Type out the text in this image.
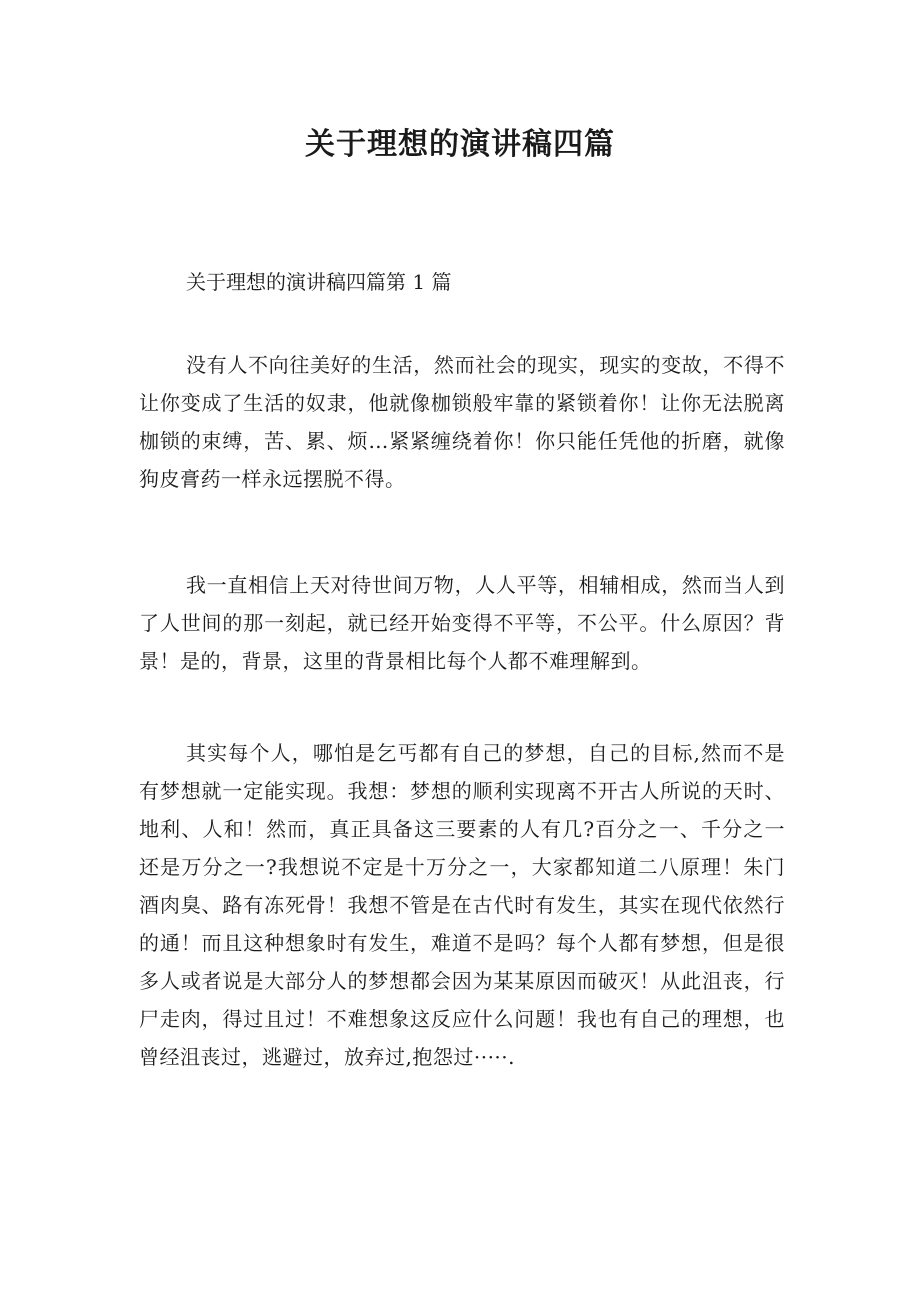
关于理想的演讲稿四篇

关于理想的演讲稿四篇第 1 篇

没有人不向往美好的生活，然而社会的现实，现实的变故，不得不让你变成了生活的奴隶，他就像枷锁般牢靠的紧锁着你！让你无法脱离枷锁的束缚，苦、累、烦…紧紧缠绕着你！你只能任凭他的折磨，就像狗皮膏药一样永远摆脱不得。

我一直相信上天对待世间万物，人人平等，相辅相成，然而当人到了人世间的那一刻起，就已经开始变得不平等，不公平。什么原因？背景！是的，背景，这里的背景相比每个人都不难理解到。

其实每个人，哪怕是乞丐都有自己的梦想，自己的目标,然而不是有梦想就一定能实现。我想：梦想的顺利实现离不开古人所说的天时、地利、人和！然而，真正具备这三要素的人有几?百分之一、千分之一还是万分之一?我想说不定是十万分之一，大家都知道二八原理！朱门酒肉臭、路有冻死骨！我想不管是在古代时有发生，其实在现代依然行的通！而且这种想象时有发生，难道不是吗？每个人都有梦想，但是很多人或者说是大部分人的梦想都会因为某某原因而破灭！从此沮丧，行尸走肉，得过且过！不难想象这反应什么问题！我也有自己的理想，也曾经沮丧过，逃避过，放弃过,抱怨过·····.
